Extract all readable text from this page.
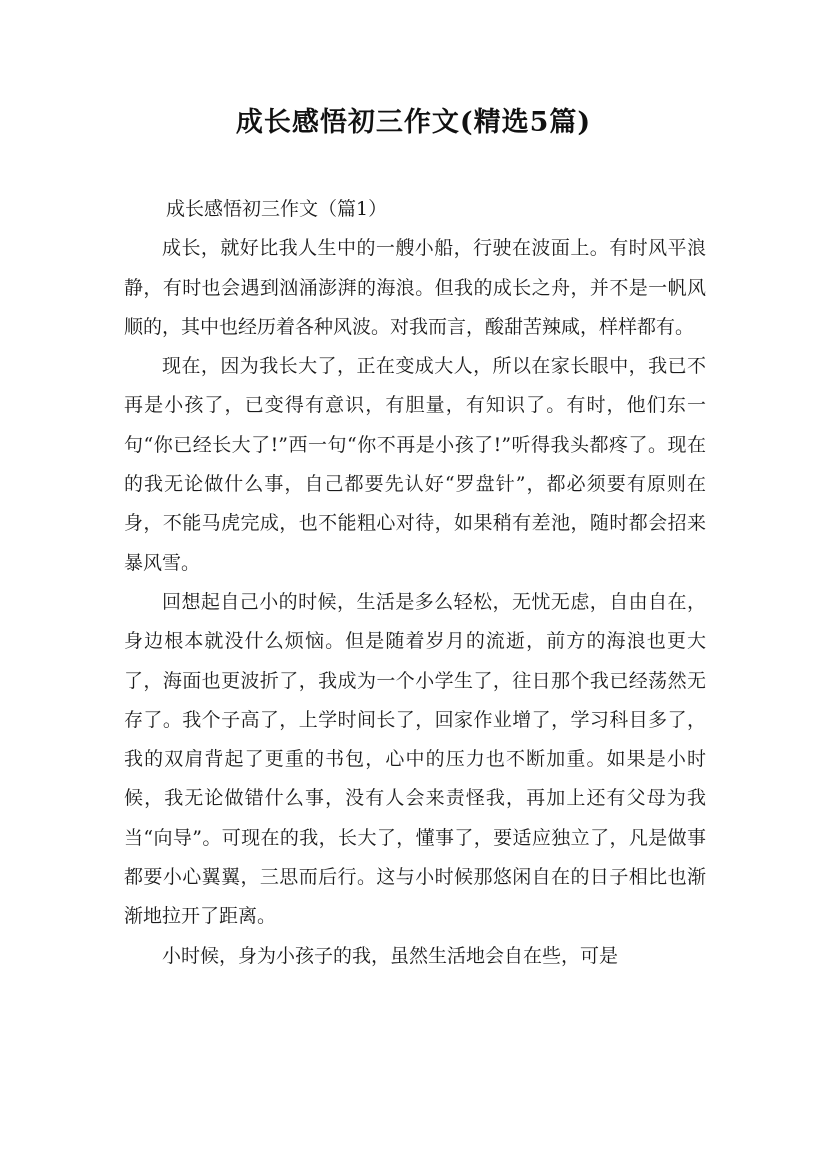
成长感悟初三作文(精选5篇)

成长感悟初三作文（篇1）

成长，就好比我人生中的一艘小船，行驶在波面上。有时风平浪静，有时也会遇到汹涌澎湃的海浪。但我的成长之舟，并不是一帆风顺的，其中也经历着各种风波。对我而言，酸甜苦辣咸，样样都有。

现在，因为我长大了，正在变成大人，所以在家长眼中，我已不再是小孩了，已变得有意识，有胆量，有知识了。有时，他们东一句“你已经长大了!”西一句“你不再是小孩了!”听得我头都疼了。现在的我无论做什么事，自己都要先认好“罗盘针”，都必须要有原则在身，不能马虎完成，也不能粗心对待，如果稍有差池，随时都会招来暴风雪。

回想起自己小的时候，生活是多么轻松，无忧无虑，自由自在，身边根本就没什么烦恼。但是随着岁月的流逝，前方的海浪也更大了，海面也更波折了，我成为一个小学生了，往日那个我已经荡然无存了。我个子高了，上学时间长了，回家作业增了，学习科目多了，我的双肩背起了更重的书包，心中的压力也不断加重。如果是小时候，我无论做错什么事，没有人会来责怪我，再加上还有父母为我当“向导”。可现在的我，长大了，懂事了，要适应独立了，凡是做事都要小心翼翼，三思而后行。这与小时候那悠闲自在的日子相比也渐渐地拉开了距离。

小时候，身为小孩子的我，虽然生活地会自在些，可是
